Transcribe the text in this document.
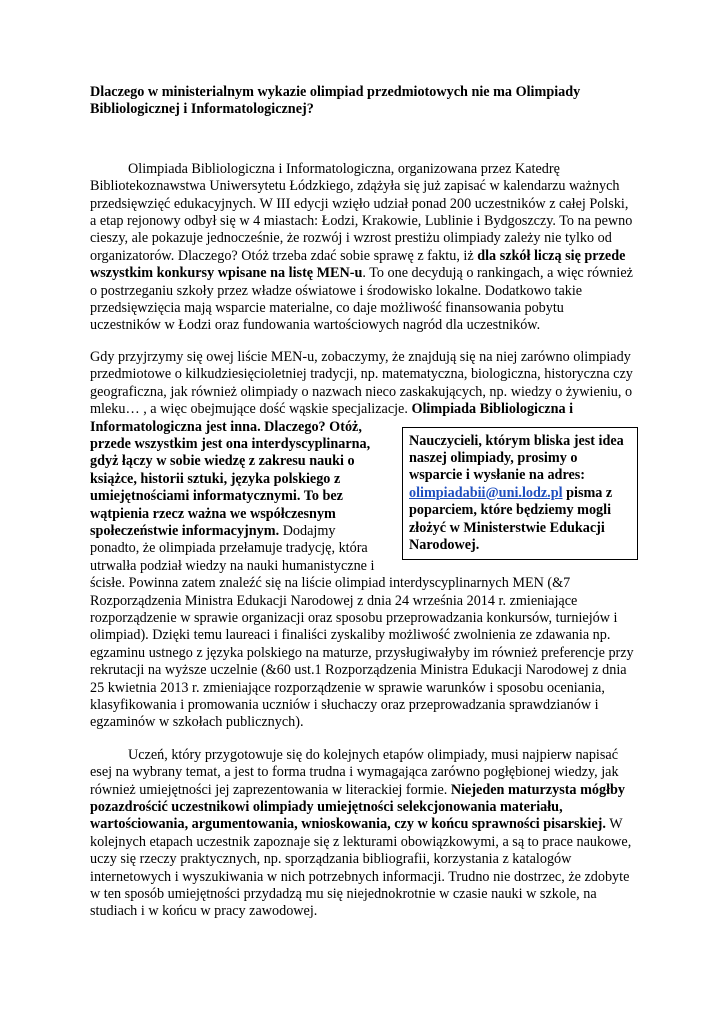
Dlaczego w ministerialnym wykazie olimpiad przedmiotowych nie ma Olimpiady Bibliologicznej i Informatologicznej?

Olimpiada Bibliologiczna i Informatologiczna, organizowana przez Katedrę Bibliotekoznawstwa Uniwersytetu Łódzkiego, zdążyła się już zapisać w kalendarzu ważnych przedsięwzięć edukacyjnych. W III edycji wzięło udział ponad 200 uczestników z całej Polski, a etap rejonowy odbył się w 4 miastach: Łodzi, Krakowie, Lublinie i Bydgoszczy. To na pewno cieszy, ale pokazuje jednocześnie, że rozwój i wzrost prestiżu olimpiady zależy nie tylko od organizatorów. Dlaczego? Otóż trzeba zdać sobie sprawę z faktu, iż dla szkół liczą się przede wszystkim konkursy wpisane na listę MEN-u. To one decydują o rankingach, a więc również o postrzeganiu szkoły przez władze oświatowe i środowisko lokalne. Dodatkowo takie przedsięwzięcia mają wsparcie materialne, co daje możliwość finansowania pobytu uczestników w Łodzi oraz fundowania wartościowych nagród dla uczestników.

Gdy przyjrzymy się owej liście MEN-u, zobaczymy, że znajdują się na niej zarówno olimpiady przedmiotowe o kilkudziesięcioletniej tradycji, np. matematyczna, biologiczna, historyczna czy geograficzna, jak również olimpiady o nazwach nieco zaskakujących, np. wiedzy o żywieniu, o mleku… , a więc obejmujące dość wąskie specjalizacje.
Nauczycieli, którym bliska jest idea naszej olimpiady, prosimy o wsparcie i wysłanie na adres: olimpiadabii@uni.lodz.pl pisma z poparciem, które będziemy mogli złożyć w Ministerstwie Edukacji Narodowej.
Olimpiada Bibliologiczna i Informatologiczna jest inna. Dlaczego? Otóż, przede wszystkim jest ona interdyscyplinarna, gdyż łączy w sobie wiedzę z zakresu nauki o książce, historii sztuki, języka polskiego z umiejętnościami informatycznymi. To bez wątpienia rzecz ważna we współczesnym społeczeństwie informacyjnym. Dodajmy ponadto, że olimpiada przełamuje tradycję, która utrwalła podział wiedzy na nauki humanistyczne i ścisłe. Powinna zatem znaleźć się na liście olimpiad interdyscyplinarnych MEN (&7 Rozporządzenia Ministra Edukacji Narodowej z dnia 24 września 2014 r. zmieniające rozporządzenie w sprawie organizacji oraz sposobu przeprowadzania konkursów, turniejów i olimpiad). Dzięki temu laureaci i finaliści zyskaliby możliwość zwolnienia ze zdawania np. egzaminu ustnego z języka polskiego na maturze, przysługiwałyby im również preferencje przy rekrutacji na wyższe uczelnie (&60 ust.1 Rozporządzenia Ministra Edukacji Narodowej z dnia 25 kwietnia 2013 r. zmieniające rozporządzenie w sprawie warunków i sposobu oceniania, klasyfikowania i promowania uczniów i słuchaczy oraz przeprowadzania sprawdzianów i egzaminów w szkołach publicznych).

Uczeń, który przygotowuje się do kolejnych etapów olimpiady, musi najpierw napisać esej na wybrany temat, a jest to forma trudna i wymagająca zarówno pogłębionej wiedzy, jak również umiejętności jej zaprezentowania w literackiej formie. Niejeden maturzysta mógłby pozazdrościć uczestnikowi olimpiady umiejętności selekcjonowania materiału, wartościowania, argumentowania, wnioskowania, czy w końcu sprawności pisarskiej. W kolejnych etapach uczestnik zapoznaje się z lekturami obowiązkowymi, a są to prace naukowe, uczy się rzeczy praktycznych, np. sporządzania bibliografii, korzystania z katalogów internetowych i wyszukiwania w nich potrzebnych informacji. Trudno nie dostrzec, że zdobyte w ten sposób umiejętności przydadzą mu się niejednokrotnie w czasie nauki w szkole, na studiach i w końcu w pracy zawodowej.
